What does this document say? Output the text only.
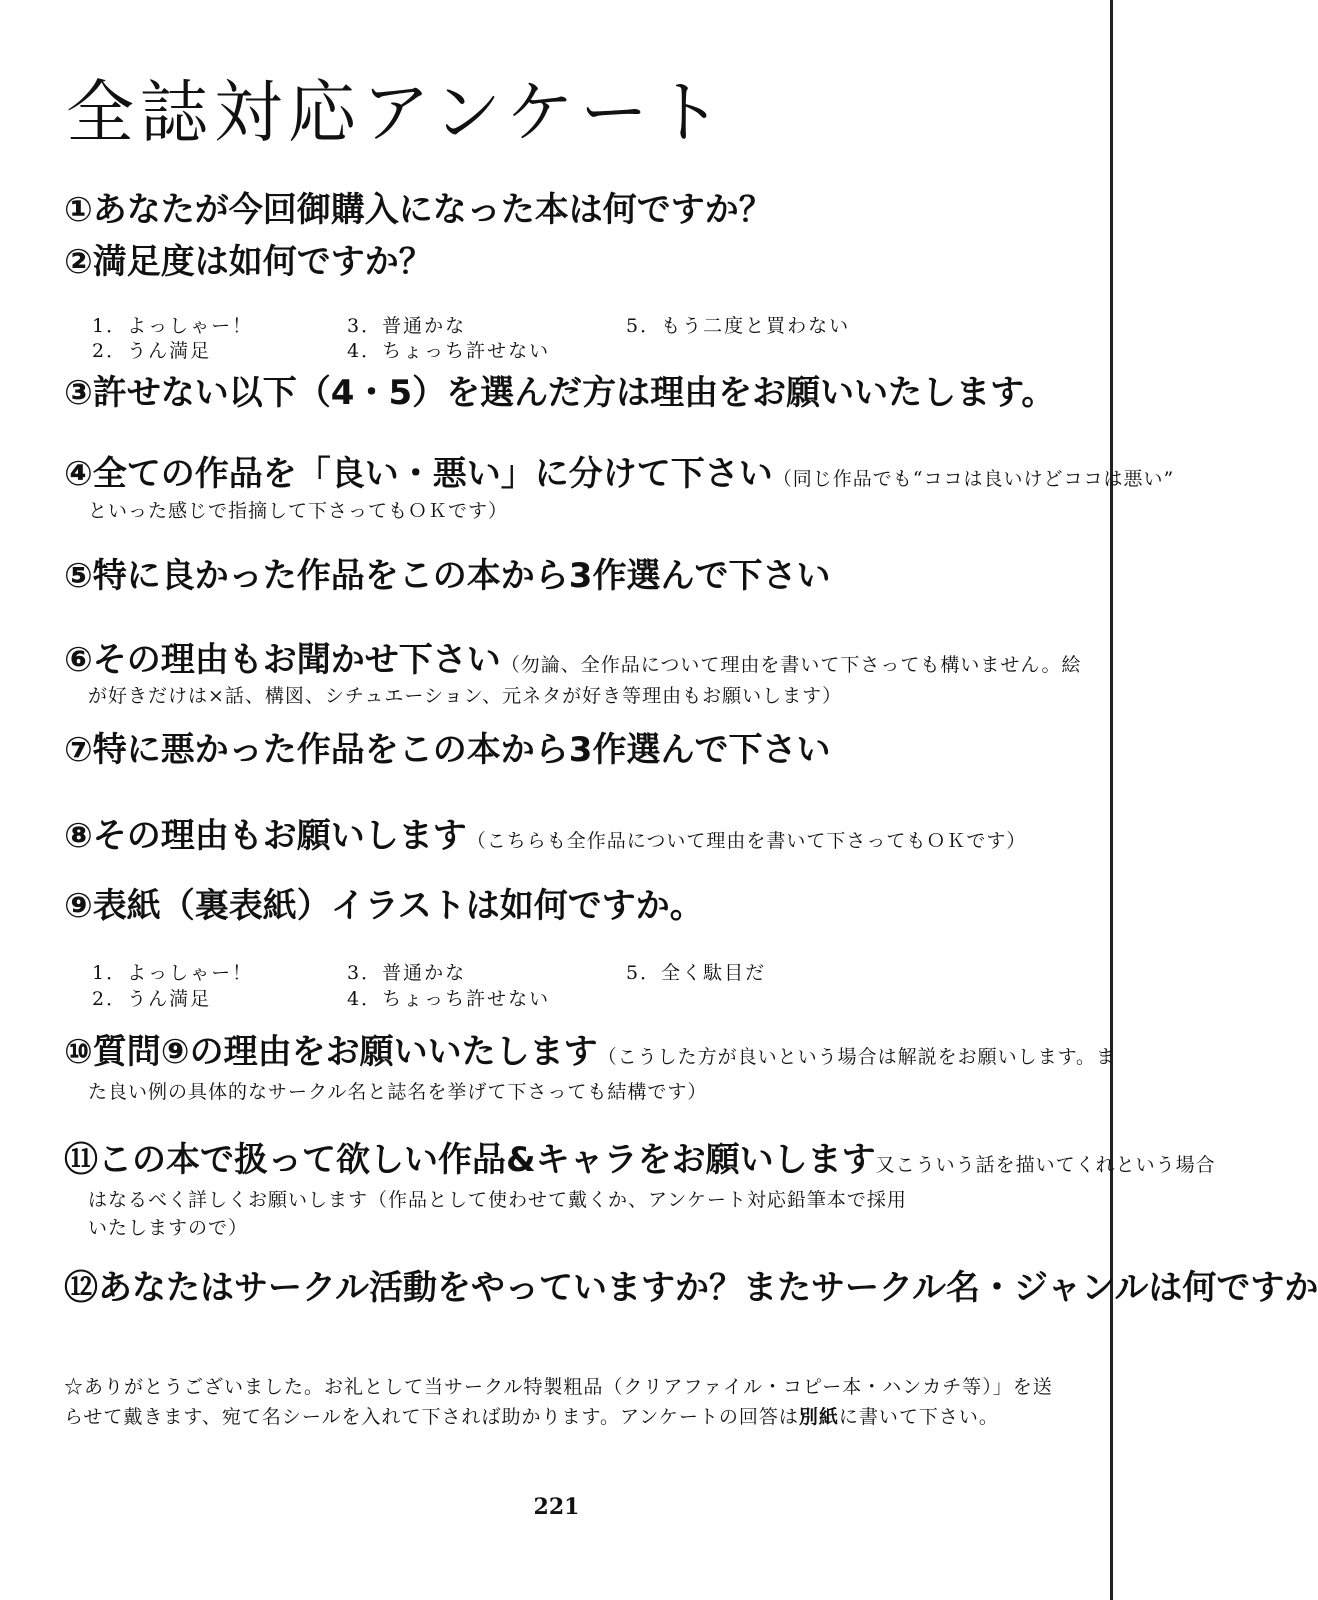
全誌対応アンケート
①あなたが今回御購入になった本は何ですか？
②満足度は如何ですか？
1．よっしゃー！
2．うん満足
3．普通かな
4．ちょっち許せない
5．もう二度と買わない
③許せない以下（4・5）を選んだ方は理由をお願いいたします。
④全ての作品を「良い・悪い」に分けて下さい（同じ作品でも“ココは良いけどココは悪い”
といった感じで指摘して下さってもＯＫです）
⑤特に良かった作品をこの本から3作選んで下さい
⑥その理由もお聞かせ下さい（勿論、全作品について理由を書いて下さっても構いません。絵
が好きだけは×話、構図、シチュエーション、元ネタが好き等理由もお願いします）
⑦特に悪かった作品をこの本から3作選んで下さい
⑧その理由もお願いします（こちらも全作品について理由を書いて下さってもＯＫです）
⑨表紙（裏表紙）イラストは如何ですか。
1．よっしゃー！
2．うん満足
3．普通かな
4．ちょっち許せない
5．全く駄目だ
⑩質問⑨の理由をお願いいたします（こうした方が良いという場合は解説をお願いします。ま
た良い例の具体的なサークル名と誌名を挙げて下さっても結構です）
⑪この本で扱って欲しい作品&キャラをお願いします又こういう話を描いてくれという場合
はなるべく詳しくお願いします（作品として使わせて戴くか、アンケート対応鉛筆本で採用
いたしますので）
⑫あなたはサークル活動をやっていますか？またサークル名・ジャンルは何ですか
☆ありがとうございました。お礼として当サークル特製粗品（クリアファイル・コピー本・ハンカチ等）」を送らせて戴きます、宛て名シールを入れて下されば助かります。アンケートの回答は別紙に書いて下さい。
221
